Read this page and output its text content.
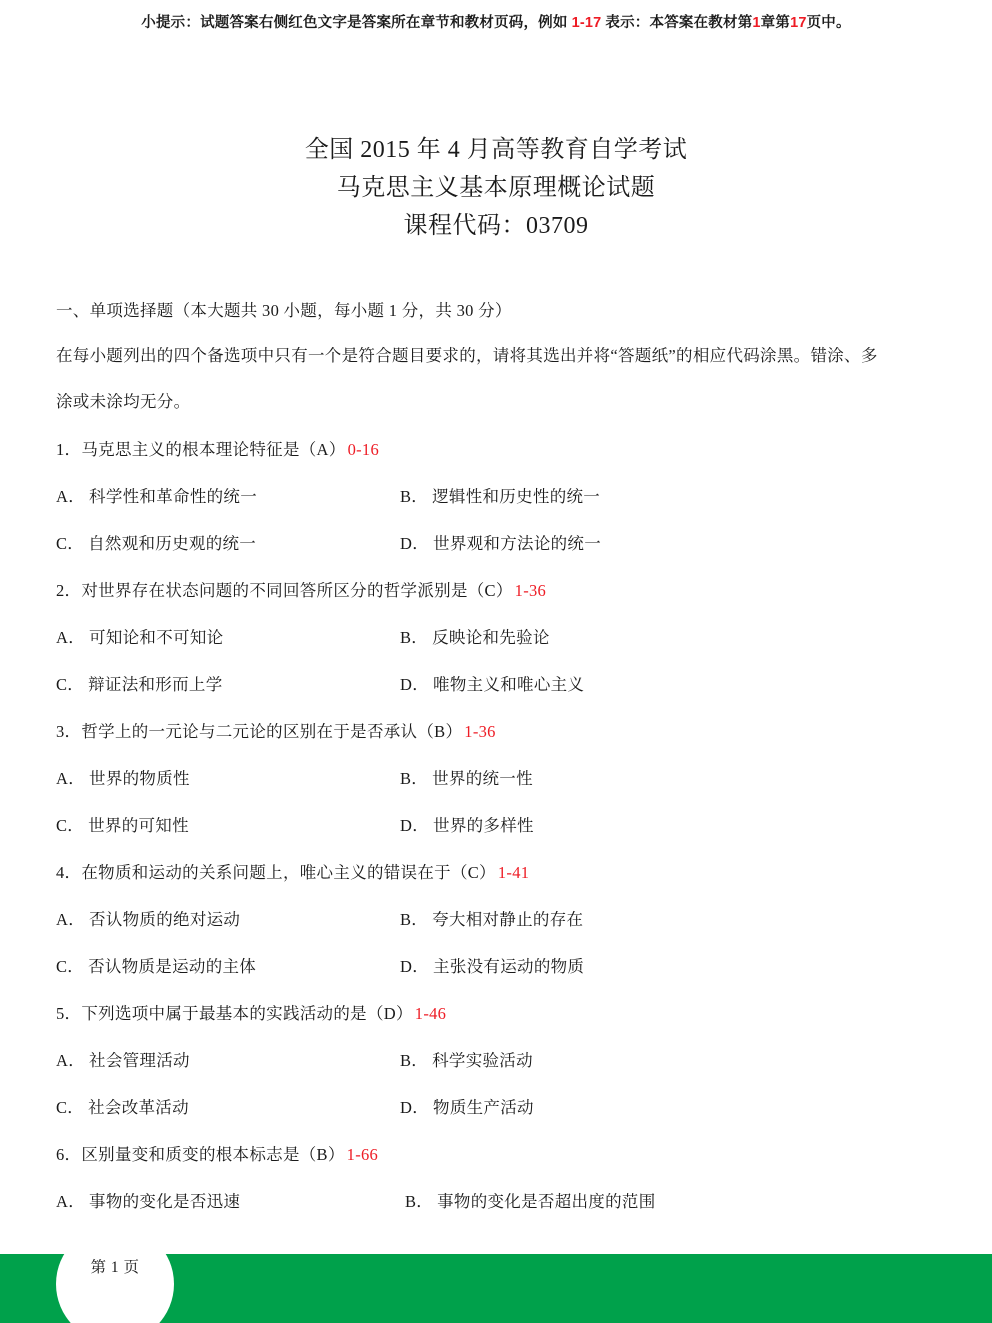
小提示：试题答案右侧红色文字是答案所在章节和教材页码，例如 1-17 表示：本答案在教材第1章第17页中。
全国 2015 年 4 月高等教育自学考试
马克思主义基本原理概论试题
课程代码：03709

一、单项选择题（本大题共 30 小题，每小题 1 分，共 30 分）

在每小题列出的四个备选项中只有一个是符合题目要求的，请将其选出并将“答题纸”的相应代码涂黑。错涂、多

涂或未涂均无分。

1．马克思主义的根本理论特征是（A） 0-16

A． 科学性和革命性的统一	B． 逻辑性和历史性的统一
C． 自然观和历史观的统一	D． 世界观和方法论的统一

2．对世界存在状态问题的不同回答所区分的哲学派别是（C） 1-36

A． 可知论和不可知论	B． 反映论和先验论
C． 辩证法和形而上学	D． 唯物主义和唯心主义

3．哲学上的一元论与二元论的区别在于是否承认（B） 1-36

A． 世界的物质性	B． 世界的统一性
C． 世界的可知性	D． 世界的多样性

4．在物质和运动的关系问题上，唯心主义的错误在于（C） 1-41

A． 否认物质的绝对运动	B． 夸大相对静止的存在
C． 否认物质是运动的主体	D． 主张没有运动的物质

5．下列选项中属于最基本的实践活动的是（D） 1-46

A． 社会管理活动	B． 科学实验活动
C． 社会改革活动	D． 物质生产活动

6．区别量变和质变的根本标志是（B） 1-66

A． 事物的变化是否迅速	B． 事物的变化是否超出度的范围
第 1 页
